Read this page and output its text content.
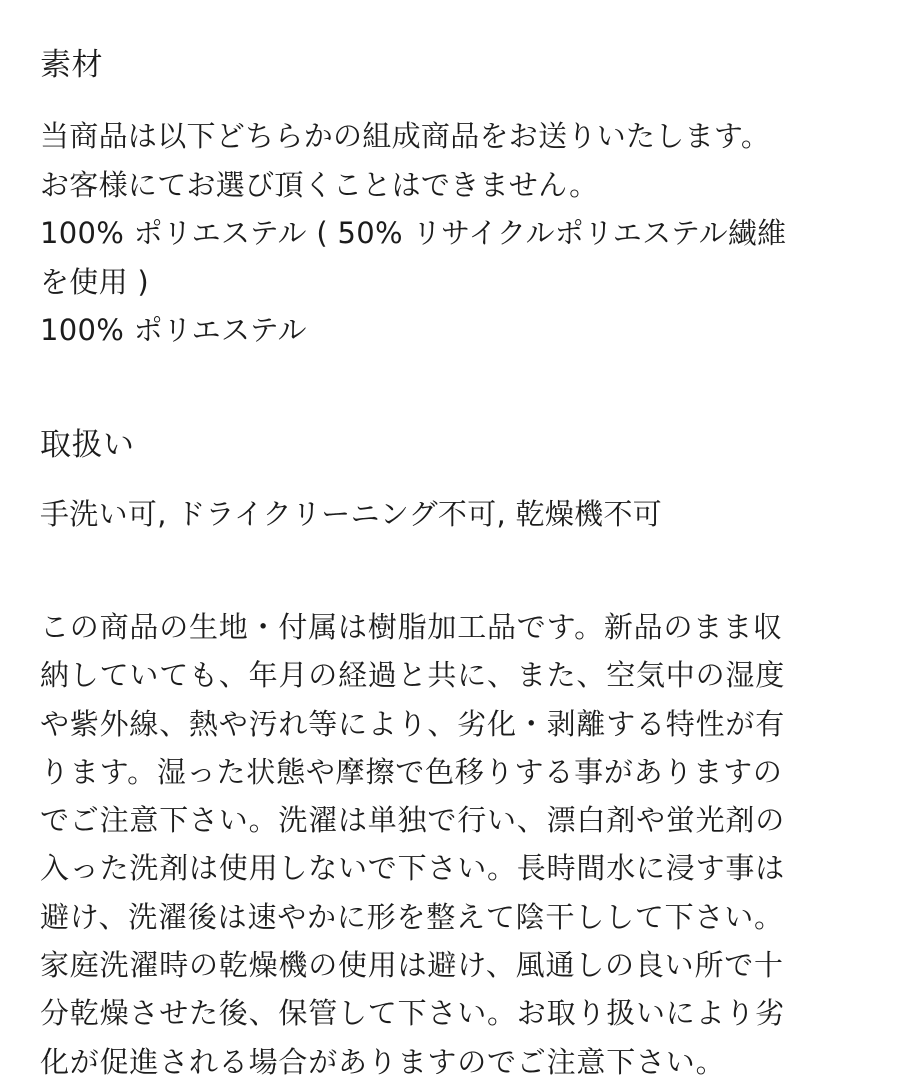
素材

当商品は以下どちらかの組成商品をお送りいたします。
お客様にてお選び頂くことはできません。
100% ポリエステル ( 50% リサイクルポリエステル繊維
を使用 )
100% ポリエステル

取扱い

手洗い可, ドライクリーニング不可, 乾燥機不可

この商品の生地・付属は樹脂加工品です。新品のまま収
納していても、年月の経過と共に、また、空気中の湿度
や紫外線、熱や汚れ等により、劣化・剥離する特性が有
ります。湿った状態や摩擦で色移りする事がありますの
でご注意下さい。洗濯は単独で行い、漂白剤や蛍光剤の
入った洗剤は使用しないで下さい。長時間水に浸す事は
避け、洗濯後は速やかに形を整えて陰干しして下さい。
家庭洗濯時の乾燥機の使用は避け、風通しの良い所で十
分乾燥させた後、保管して下さい。お取り扱いにより劣
化が促進される場合がありますのでご注意下さい。
